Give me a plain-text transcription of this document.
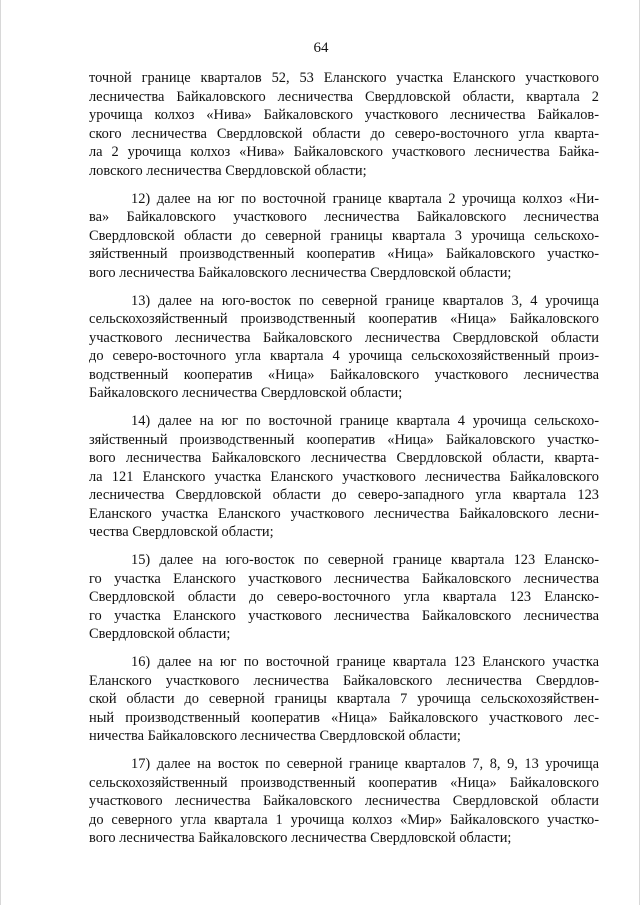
64
точной границе кварталов 52, 53 Еланского участка Еланского участкового
лесничества Байкаловского лесничества Свердловской области, квартала 2
урочища колхоз «Нива» Байкаловского участкового лесничества Байкалов-
ского лесничества Свердловской области до северо-восточного угла кварта-
ла 2 урочища колхоз «Нива» Байкаловского участкового лесничества Байка-
ловского лесничества Свердловской области;
12) далее на юг по восточной границе квартала 2 урочища колхоз «Ни-
ва» Байкаловского участкового лесничества Байкаловского лесничества
Свердловской области до северной границы квартала 3 урочища сельскохо-
зяйственный производственный кооператив «Ница» Байкаловского участко-
вого лесничества Байкаловского лесничества Свердловской области;
13) далее на юго-восток по северной границе кварталов 3, 4 урочища
сельскохозяйственный производственный кооператив «Ница» Байкаловского
участкового лесничества Байкаловского лесничества Свердловской области
до северо-восточного угла квартала 4 урочища сельскохозяйственный произ-
водственный кооператив «Ница» Байкаловского участкового лесничества
Байкаловского лесничества Свердловской области;
14) далее на юг по восточной границе квартала 4 урочища сельскохо-
зяйственный производственный кооператив «Ница» Байкаловского участко-
вого лесничества Байкаловского лесничества Свердловской области, кварта-
ла 121 Еланского участка Еланского участкового лесничества Байкаловского
лесничества Свердловской области до северо-западного угла квартала 123
Еланского участка Еланского участкового лесничества Байкаловского лесни-
чества Свердловской области;
15) далее на юго-восток по северной границе квартала 123 Еланско-
го участка Еланского участкового лесничества Байкаловского лесничества
Свердловской области до северо-восточного угла квартала 123 Еланско-
го участка Еланского участкового лесничества Байкаловского лесничества
Свердловской области;
16) далее на юг по восточной границе квартала 123 Еланского участка
Еланского участкового лесничества Байкаловского лесничества Свердлов-
ской области до северной границы квартала 7 урочища сельскохозяйствен-
ный производственный кооператив «Ница» Байкаловского участкового лес-
ничества Байкаловского лесничества Свердловской области;
17) далее на восток по северной границе кварталов 7, 8, 9, 13 урочища
сельскохозяйственный производственный кооператив «Ница» Байкаловского
участкового лесничества Байкаловского лесничества Свердловской области
до северного угла квартала 1 урочища колхоз «Мир» Байкаловского участко-
вого лесничества Байкаловского лесничества Свердловской области;
